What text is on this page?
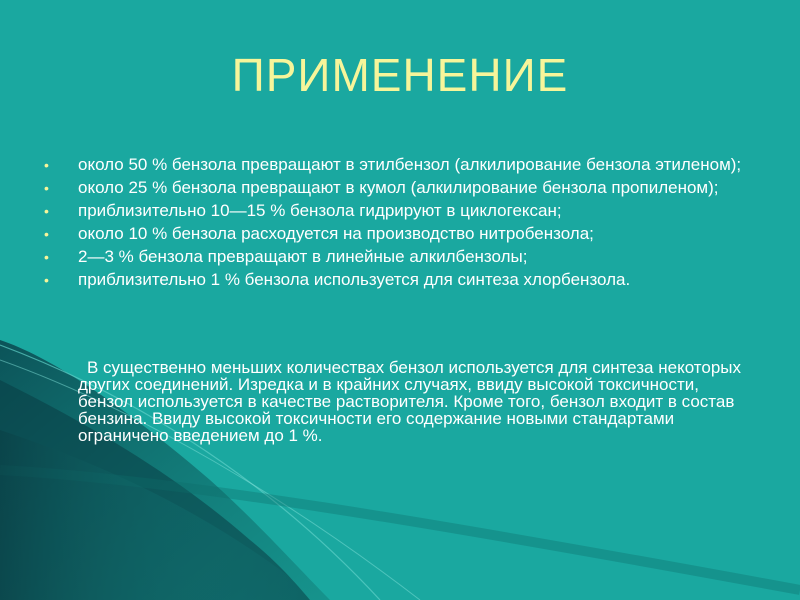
ПРИМЕНЕНИЕ
• около 50 % бензола превращают в этилбензол (алкилирование бензола этиленом);
• около 25 % бензола превращают в кумол (алкилирование бензола пропиленом);
• приблизительно 10—15 % бензола гидрируют в циклогексан;
• около 10 % бензола расходуется на производство нитробензола;
• 2—3 % бензола превращают в линейные алкилбензолы;
• приблизительно 1 % бензола используется для синтеза хлорбензола.
В существенно меньших количествах бензол используется для синтеза некоторых других соединений. Изредка и в крайних случаях, ввиду высокой токсичности, бензол используется в качестве растворителя. Кроме того, бензол входит в состав бензина. Ввиду высокой токсичности его содержание новыми стандартами ограничено введением до 1 %.
